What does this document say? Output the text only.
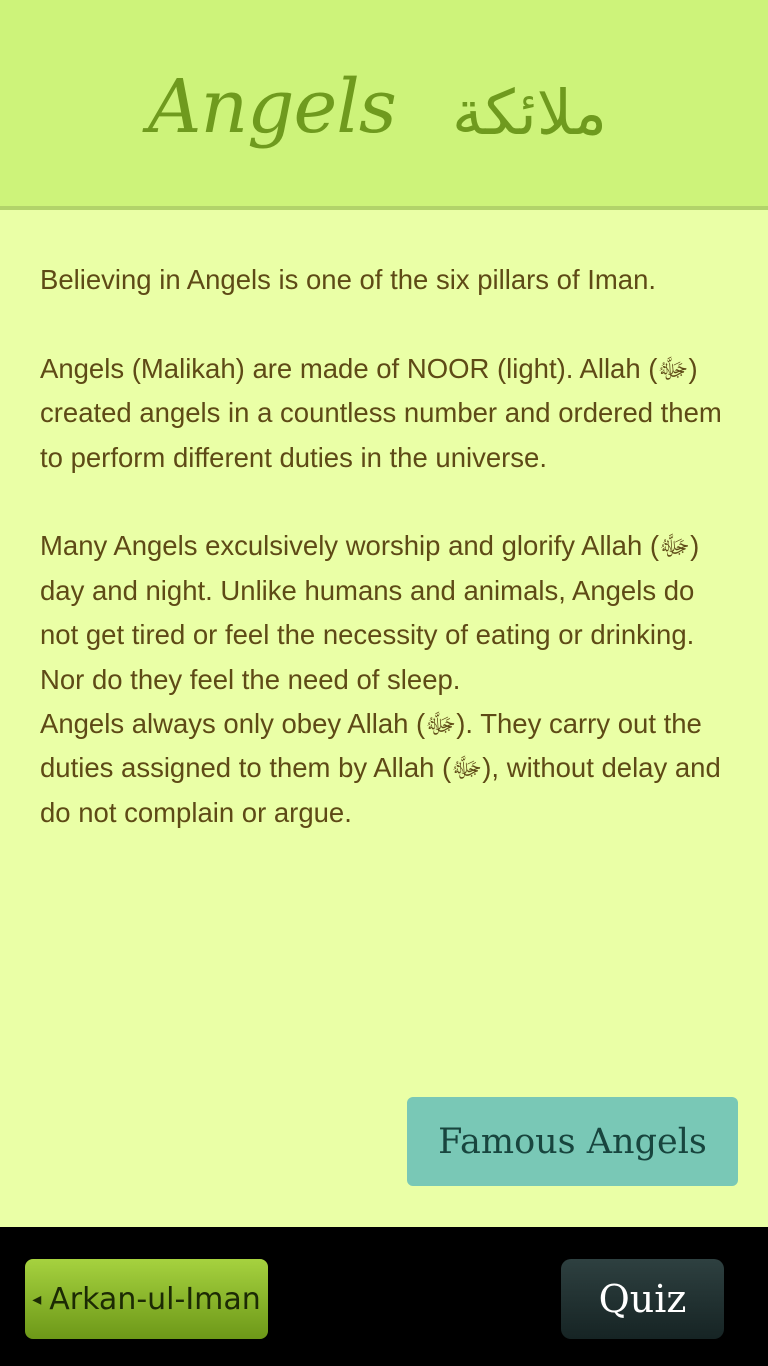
Angels ملائكة

Believing in Angels is one of the six pillars of Iman.

Angels (Malikah) are made of NOOR (light). Allah (ﷻ) created angels in a countless number and ordered them to perform different duties in the universe.

Many Angels exculsively worship and glorify Allah (ﷻ) day and night. Unlike humans and animals, Angels do not get tired or feel the necessity of eating or drinking. Nor do they feel the need of sleep.

Angels always only obey Allah (ﷻ). They carry out the duties assigned to them by Allah (ﷻ), without delay and do not complain or argue.

Famous Angels
◂ Arkan-ul-Iman	Quiz
